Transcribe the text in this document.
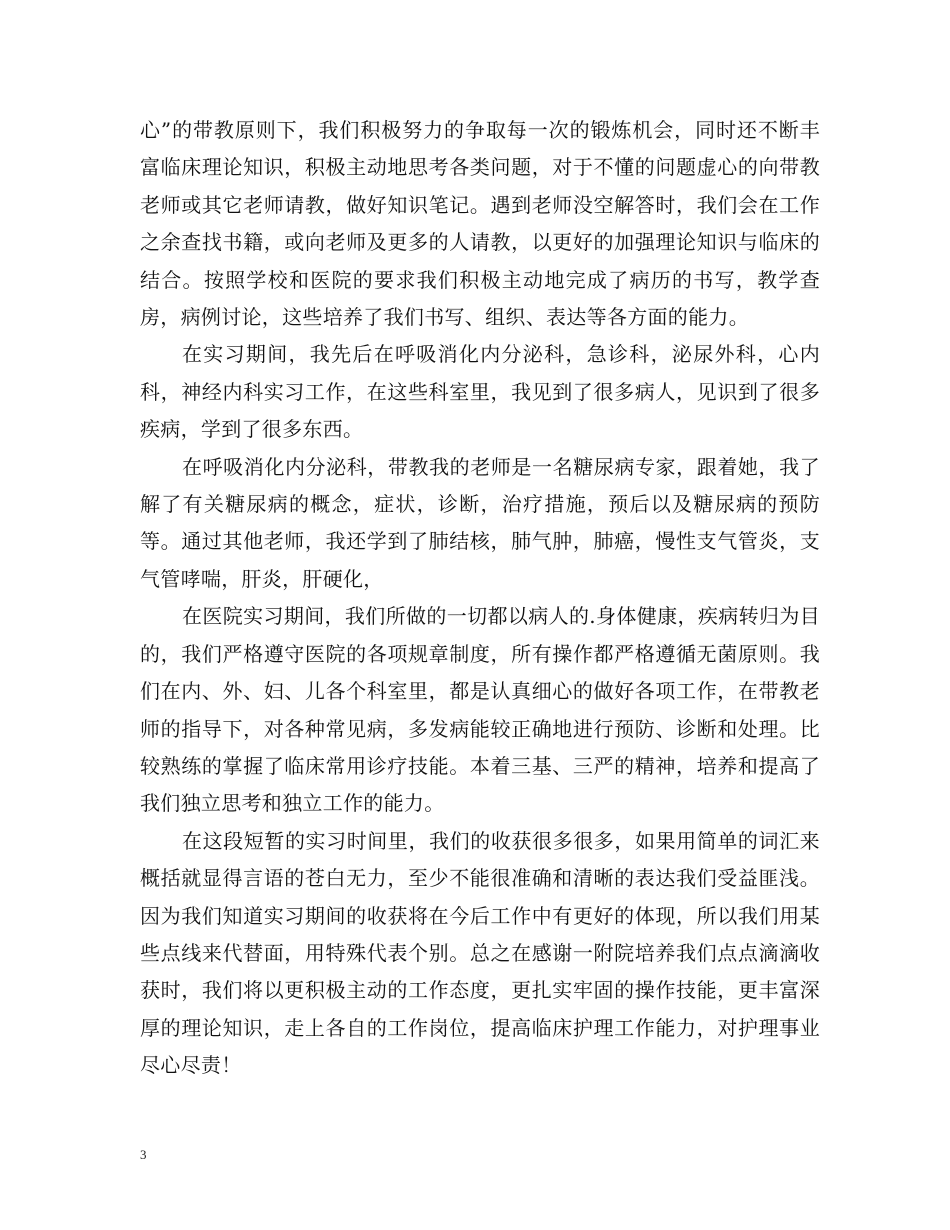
心”的带教原则下，我们积极努力的争取每一次的锻炼机会，同时还不断丰富临床理论知识，积极主动地思考各类问题，对于不懂的问题虚心的向带教老师或其它老师请教，做好知识笔记。遇到老师没空解答时，我们会在工作之余查找书籍，或向老师及更多的人请教，以更好的加强理论知识与临床的结合。按照学校和医院的要求我们积极主动地完成了病历的书写，教学查房，病例讨论，这些培养了我们书写、组织、表达等各方面的能力。

在实习期间，我先后在呼吸消化内分泌科，急诊科，泌尿外科，心内科，神经内科实习工作，在这些科室里，我见到了很多病人，见识到了很多疾病，学到了很多东西。

在呼吸消化内分泌科，带教我的老师是一名糖尿病专家，跟着她，我了解了有关糖尿病的概念，症状，诊断，治疗措施，预后以及糖尿病的预防等。通过其他老师，我还学到了肺结核，肺气肿，肺癌，慢性支气管炎，支气管哮喘，肝炎，肝硬化，

在医院实习期间，我们所做的一切都以病人的.身体健康，疾病转归为目的，我们严格遵守医院的各项规章制度，所有操作都严格遵循无菌原则。我们在内、外、妇、儿各个科室里，都是认真细心的做好各项工作，在带教老师的指导下，对各种常见病，多发病能较正确地进行预防、诊断和处理。比较熟练的掌握了临床常用诊疗技能。本着三基、三严的精神，培养和提高了我们独立思考和独立工作的能力。

在这段短暂的实习时间里，我们的收获很多很多，如果用简单的词汇来概括就显得言语的苍白无力，至少不能很准确和清晰的表达我们受益匪浅。因为我们知道实习期间的收获将在今后工作中有更好的体现，所以我们用某些点线来代替面，用特殊代表个别。总之在感谢一附院培养我们点点滴滴收获时，我们将以更积极主动的工作态度，更扎实牢固的操作技能，更丰富深厚的理论知识，走上各自的工作岗位，提高临床护理工作能力，对护理事业尽心尽责！

3
